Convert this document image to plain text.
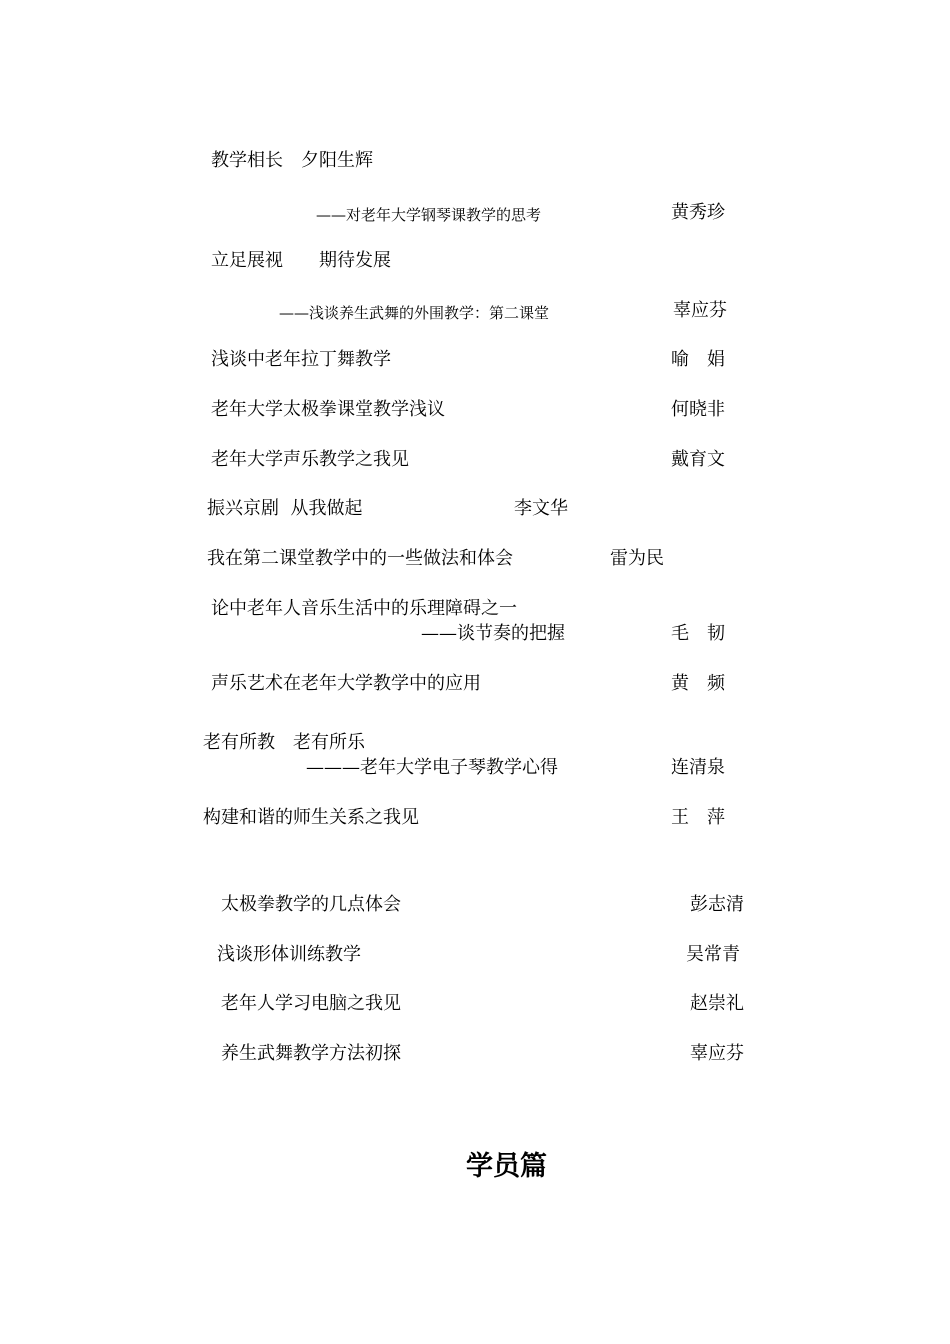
教学相长　夕阳生辉
——对老年大学钢琴课教学的思考	黄秀珍
立足展视　　期待发展
——浅谈养生武舞的外围教学：第二课堂	辜应芬
浅谈中老年拉丁舞教学	喻　娟
老年大学太极拳课堂教学浅议	何晓非
老年大学声乐教学之我见	戴育文
振兴京剧  从我做起	李文华
我在第二课堂教学中的一些做法和体会	雷为民
论中老年人音乐生活中的乐理障碍之一
——谈节奏的把握	毛　韧
声乐艺术在老年大学教学中的应用	黄　频
老有所教　老有所乐
———老年大学电子琴教学心得	连清泉
构建和谐的师生关系之我见	王　萍
太极拳教学的几点体会	彭志清
浅谈形体训练教学	吴常青
老年人学习电脑之我见	赵崇礼
养生武舞教学方法初探	辜应芬
学员篇
